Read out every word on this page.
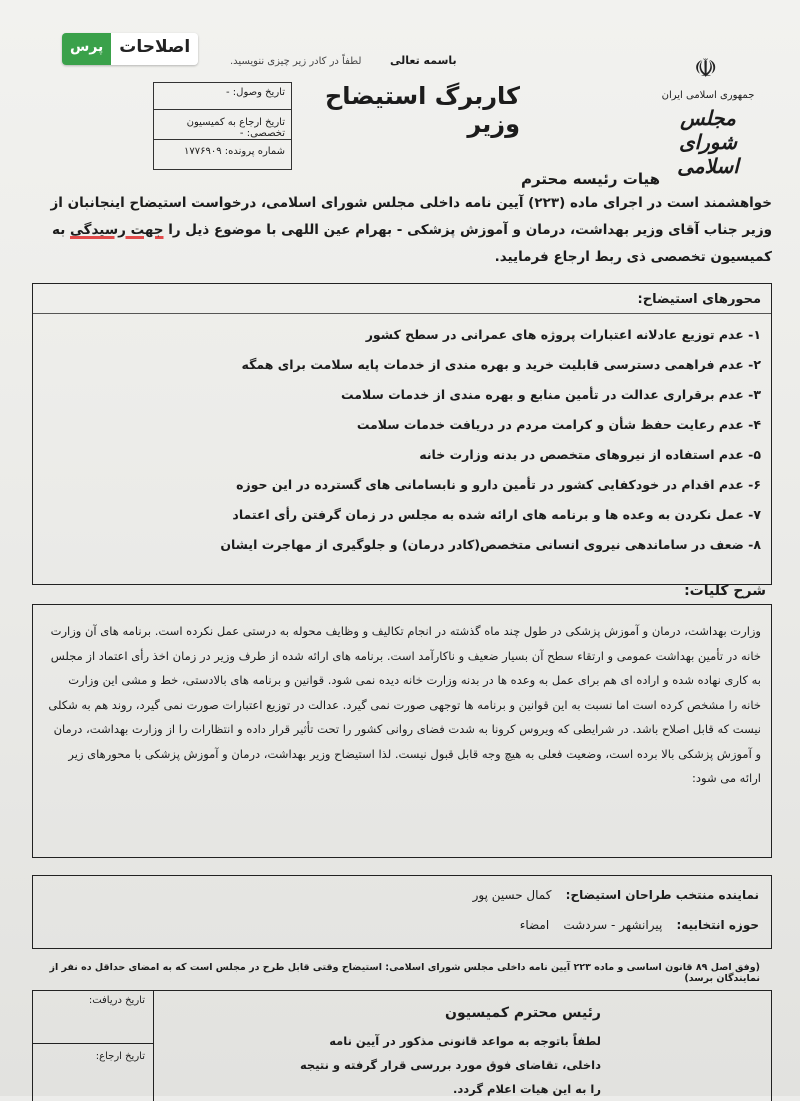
پرس اصلاحات
باسمه تعالی
لطفاً در کادر زیر چیزی ننویسید.
کاربرگ استیضاح وزیر
تاریخ وصول: -
تاریخ ارجاع به کمیسیون تخصصی: -
شماره پرونده: ۱۷۷۶۹۰۹
☫
جمهوری اسلامی ایران
مجلس شورای اسلامی
هیات رئیسه محترم
خواهشمند است در اجرای ماده (۲۲۳) آیین نامه داخلی مجلس شورای اسلامی، درخواست استیضاح اینجانبان از وزیر جناب آقای وزیر بهداشت، درمان و آموزش پزشکی - بهرام عین اللهی با موضوع ذیل را جهت رسیدگی به کمیسیون تخصصی ذی ربط ارجاع فرمایید.
محورهای استیضاح:
۱- عدم توزیع عادلانه اعتبارات پروژه های عمرانی در سطح کشور
۲- عدم فراهمی دسترسی قابلیت خرید و بهره مندی از خدمات پایه سلامت برای همگه
۳- عدم برقراری عدالت در تأمین منابع و بهره مندی از خدمات سلامت
۴- عدم رعایت حفظ شأن و کرامت مردم در دریافت خدمات سلامت
۵- عدم استفاده از نیروهای متخصص در بدنه وزارت خانه
۶- عدم اقدام در خودکفایی کشور در تأمین دارو و نابسامانی های گسترده در این حوزه
۷- عمل نکردن به وعده ها و برنامه های ارائه شده به مجلس در زمان گرفتن رأی اعتماد
۸- ضعف در ساماندهی نیروی انسانی متخصص(کادر درمان) و جلوگیری از مهاجرت ایشان
شرح کلیات:

وزارت بهداشت، درمان و آموزش پزشکی در طول چند ماه گذشته در انجام تکالیف و وظایف محوله به درستی عمل نکرده است. برنامه های آن وزارت خانه در تأمین بهداشت عمومی و ارتقاء سطح آن بسیار ضعیف و ناکارآمد است. برنامه های ارائه شده از طرف وزیر در زمان اخذ رأی اعتماد از مجلس به کاری نهاده شده و اراده ای هم برای عمل به وعده ها در بدنه وزارت خانه دیده نمی شود. قوانین و برنامه های بالادستی، خط و مشی این وزارت خانه را مشخص کرده است اما نسبت به این قوانین و برنامه ها توجهی صورت نمی گیرد. عدالت در توزیع اعتبارات صورت نمی گیرد، روند هم به شکلی نیست که قابل اصلاح باشد. در شرایطی که ویروس کرونا به شدت فضای روانی کشور را تحت تأثیر قرار داده و انتظارات را از وزارت بهداشت، درمان و آموزش پزشکی بالا برده است، وضعیت فعلی به هیچ وجه قابل قبول نیست. لذا استیضاح وزیر بهداشت، درمان و آموزش پزشکی با محورهای زیر ارائه می شود:

نماینده منتخب طراحان استیضاح: کمال حسین پور
حوزه انتخابیه: پیرانشهر - سردشت امضاء
(وفق اصل ۸۹ قانون اساسی و ماده ۲۲۳ آیین نامه داخلی مجلس شورای اسلامی: استیضاح وقتی قابل طرح در مجلس است که به امضای حداقل ده نفر از نمایندگان برسد)
تاریخ دریافت:
تاریخ ارجاع:
رئیس محترم کمیسیون
لطفاً باتوجه به مواعد قانونی مذکور در آیین نامه
داخلی، تقاضای فوق مورد بررسی قرار گرفته و نتیجه
را به این هیات اعلام گردد.
